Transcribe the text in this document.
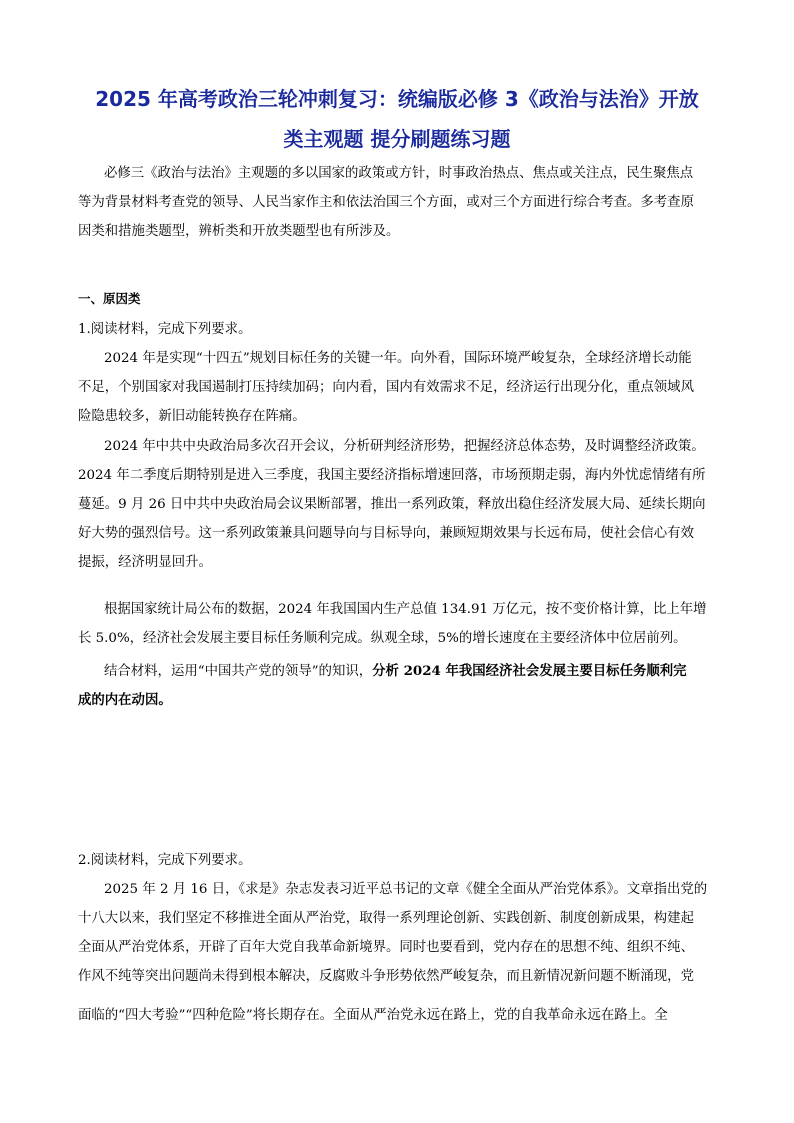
2025 年高考政治三轮冲刺复习：统编版必修 3《政治与法治》开放
类主观题 提分刷题练习题
必修三《政治与法治》主观题的多以国家的政策或方针，时事政治热点、焦点或关注点，民生聚焦点
等为背景材料考查党的领导、人民当家作主和依法治国三个方面，或对三个方面进行综合考查。多考查原
因类和措施类题型，辨析类和开放类题型也有所涉及。
一、原因类
1.阅读材料，完成下列要求。
2024 年是实现“十四五”规划目标任务的关键一年。向外看，国际环境严峻复杂，全球经济增长动能
不足，个别国家对我国遏制打压持续加码；向内看，国内有效需求不足，经济运行出现分化，重点领域风
险隐患较多，新旧动能转换存在阵痛。
2024 年中共中央政治局多次召开会议，分析研判经济形势，把握经济总体态势，及时调整经济政策。
2024 年二季度后期特别是进入三季度，我国主要经济指标增速回落，市场预期走弱，海内外忧虑情绪有所
蔓延。9 月 26 日中共中央政治局会议果断部署，推出一系列政策，释放出稳住经济发展大局、延续长期向
好大势的强烈信号。这一系列政策兼具问题导向与目标导向，兼顾短期效果与长远布局，使社会信心有效
提振，经济明显回升。
根据国家统计局公布的数据，2024 年我国国内生产总值 134.91 万亿元，按不变价格计算，比上年增
长 5.0%，经济社会发展主要目标任务顺利完成。纵观全球，5%的增长速度在主要经济体中位居前列。
结合材料，运用“中国共产党的领导”的知识，分析 2024 年我国经济社会发展主要目标任务顺利完
成的内在动因。
2.阅读材料，完成下列要求。
2025 年 2 月 16 日，《求是》杂志发表习近平总书记的文章《健全全面从严治党体系》。文章指出党的
十八大以来，我们坚定不移推进全面从严治党，取得一系列理论创新、实践创新、制度创新成果，构建起
全面从严治党体系，开辟了百年大党自我革命新境界。同时也要看到，党内存在的思想不纯、组织不纯、
作风不纯等突出问题尚未得到根本解决，反腐败斗争形势依然严峻复杂，而且新情况新问题不断涌现，党
面临的“四大考验”“四种危险”将长期存在。全面从严治党永远在路上，党的自我革命永远在路上。全
